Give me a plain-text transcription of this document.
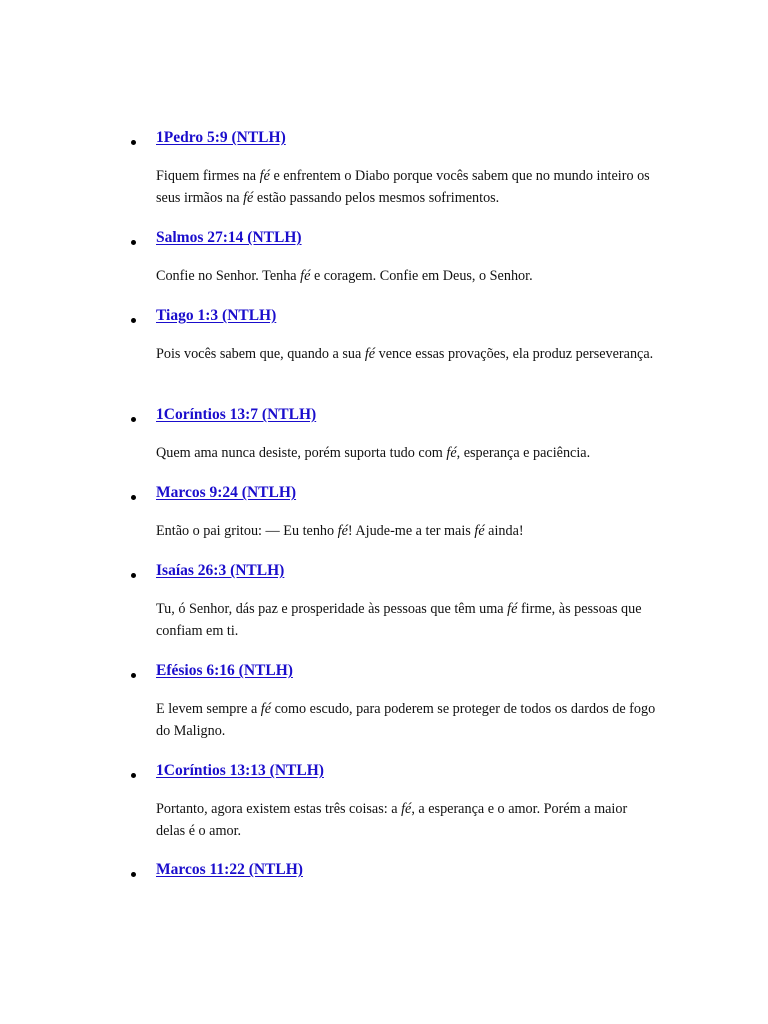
1Pedro 5:9 (NTLH)

Fiquem firmes na fé e enfrentem o Diabo porque vocês sabem que no mundo inteiro os seus irmãos na fé estão passando pelos mesmos sofrimentos.

Salmos 27:14 (NTLH)

Confie no Senhor. Tenha fé e coragem. Confie em Deus, o Senhor.

Tiago 1:3 (NTLH)

Pois vocês sabem que, quando a sua fé vence essas provações, ela produz perseverança.

1Coríntios 13:7 (NTLH)

Quem ama nunca desiste, porém suporta tudo com fé, esperança e paciência.

Marcos 9:24 (NTLH)

Então o pai gritou: — Eu tenho fé! Ajude-me a ter mais fé ainda!

Isaías 26:3 (NTLH)

Tu, ó Senhor, dás paz e prosperidade às pessoas que têm uma fé firme, às pessoas que confiam em ti.

Efésios 6:16 (NTLH)

E levem sempre a fé como escudo, para poderem se proteger de todos os dardos de fogo do Maligno.

1Coríntios 13:13 (NTLH)

Portanto, agora existem estas três coisas: a fé, a esperança e o amor. Porém a maior delas é o amor.

Marcos 11:22 (NTLH)
